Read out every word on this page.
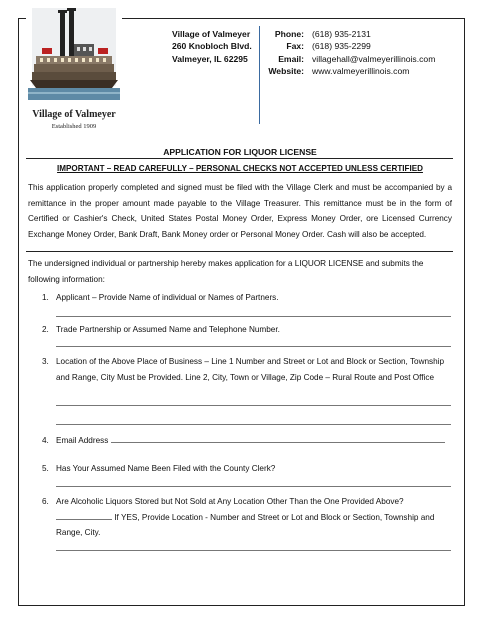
Village of Valmeyer
Established 1909
Village of Valmeyer
260 Knobloch Blvd.
Valmeyer, IL 62295
Phone: (618) 935-2131
Fax: (618) 935-2299
Email: villagehall@valmeyerillinois.com
Website: www.valmeyerillinois.com
APPLICATION FOR LIQUOR LICENSE
IMPORTANT – READ CAREFULLY – PERSONAL CHECKS NOT ACCEPTED UNLESS CERTIFIED
This application properly completed and signed must be filed with the Village Clerk and must be accompanied by a remittance in the proper amount made payable to the Village Treasurer. This remittance must be in the form of Certified or Cashier's Check, United States Postal Money Order, Express Money Order, ore Licensed Currency Exchange Money Order, Bank Draft, Bank Money order or Personal Money Order. Cash will also be accepted.
The undersigned individual or partnership hereby makes application for a LIQUOR LICENSE and submits the following information:
1. Applicant – Provide Name of individual or Names of Partners.
2. Trade Partnership or Assumed Name and Telephone Number.
3. Location of the Above Place of Business – Line 1 Number and Street or Lot and Block or Section, Township and Range, City Must be Provided. Line 2, City, Town or Village, Zip Code – Rural Route and Post Office
4. Email Address
5. Has Your Assumed Name Been Filed with the County Clerk?
6. Are Alcoholic Liquors Stored but Not Sold at Any Location Other Than the One Provided Above?
If YES, Provide Location - Number and Street or Lot and Block or Section, Township and Range, City.
